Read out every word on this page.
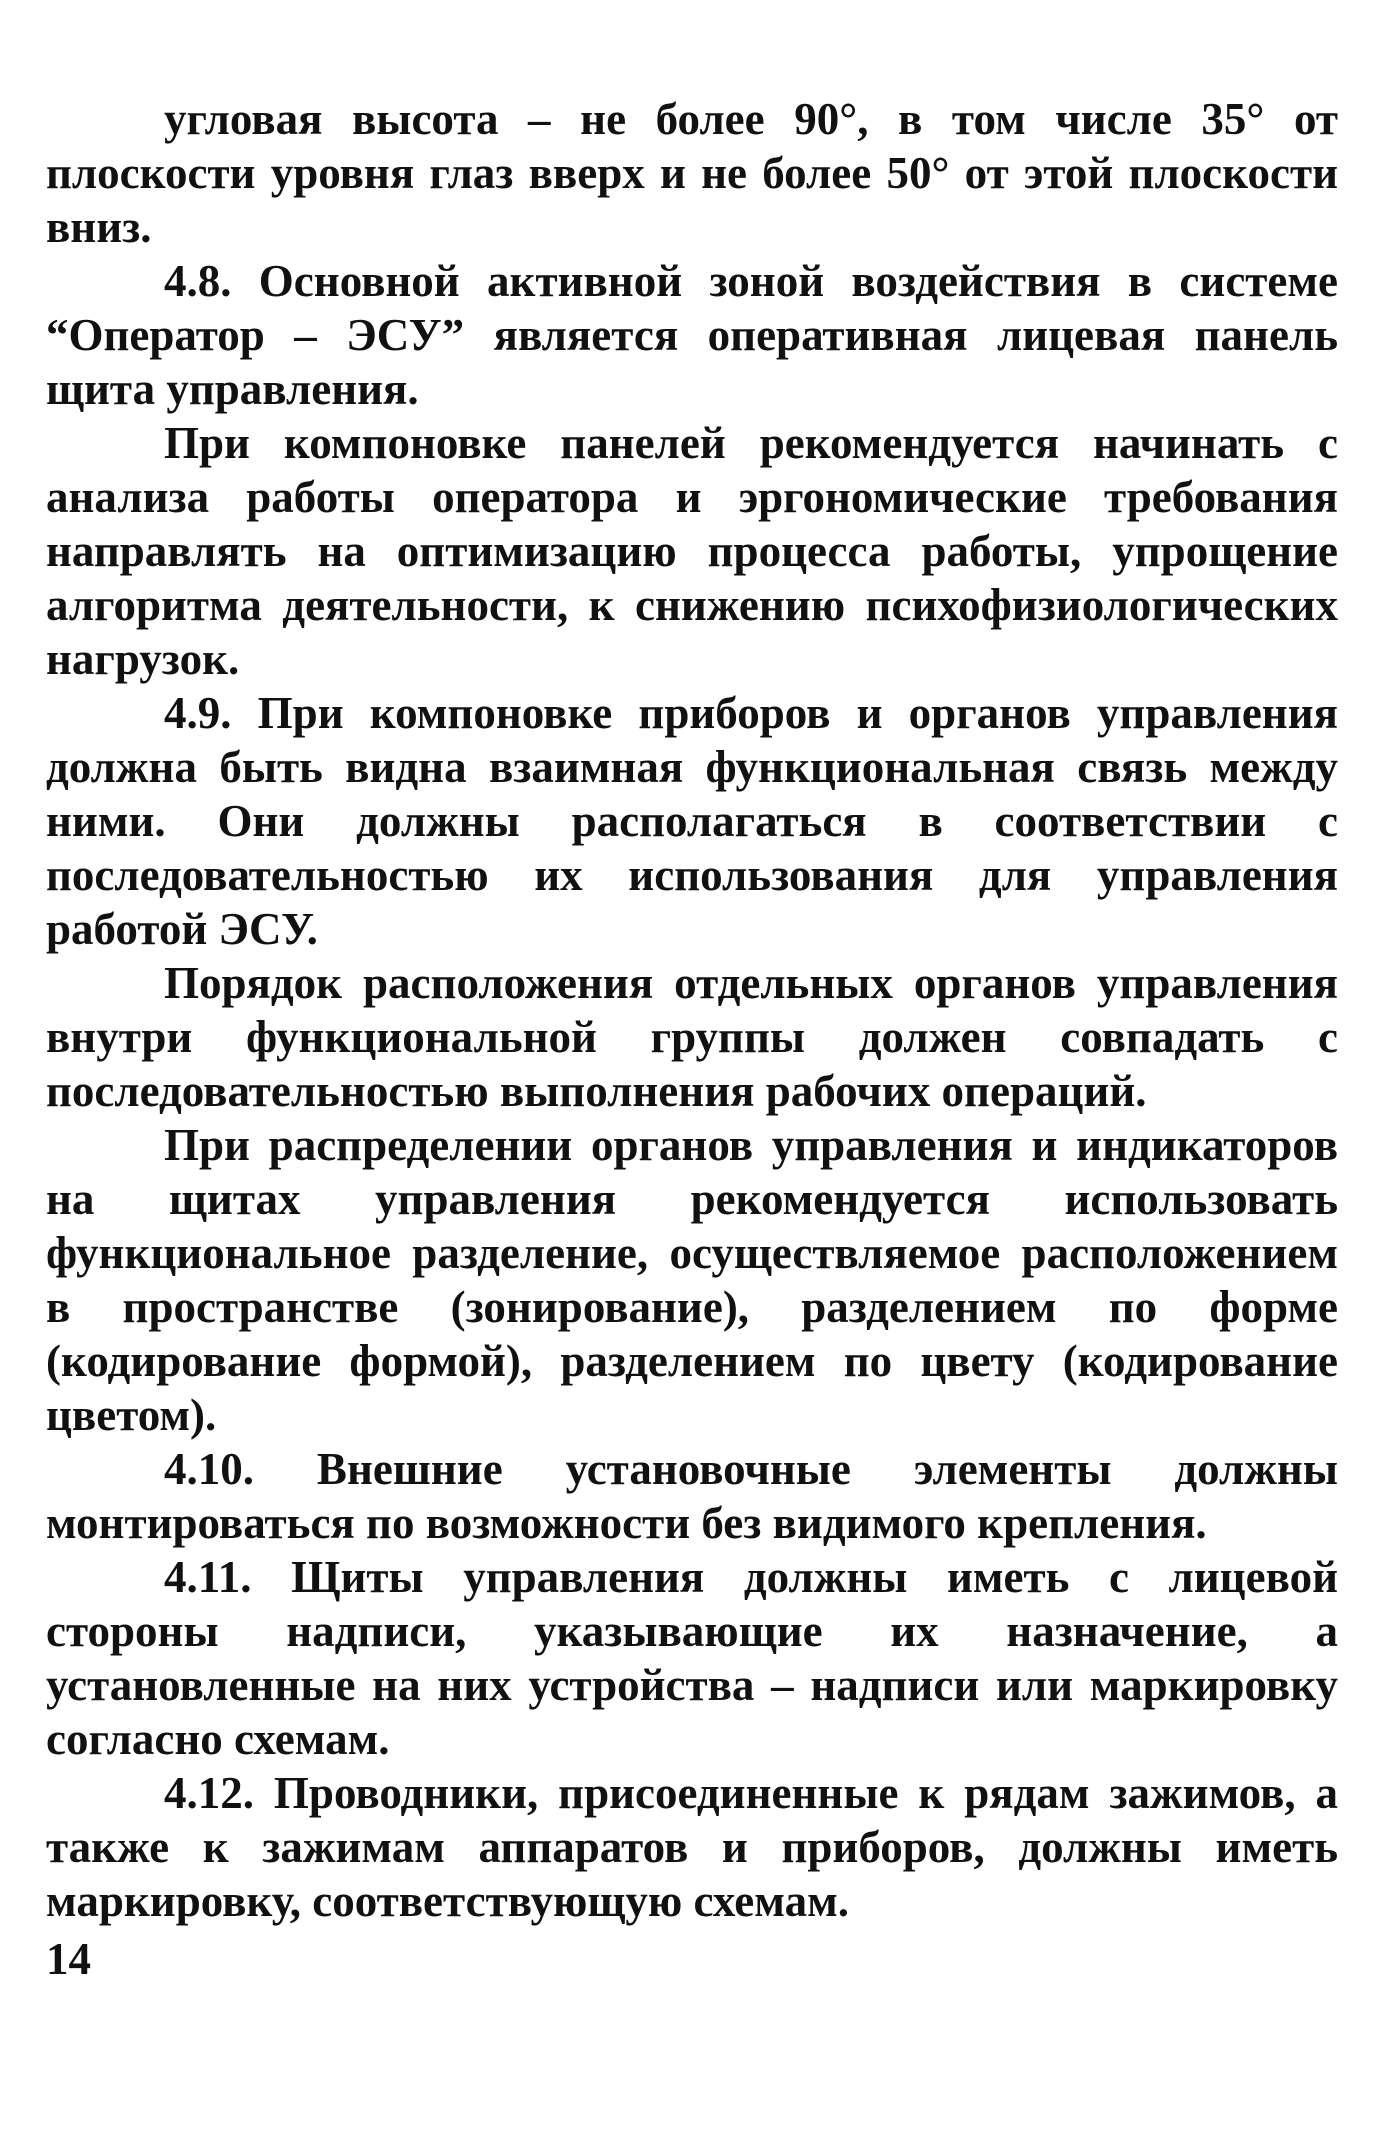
угловая высота – не более 90°, в том числе 35° от плоскости уровня глаз вверх и не более 50° от этой плоскости вниз.

4.8. Основной активной зоной воздействия в системе “Оператор – ЭСУ” является оперативная лицевая панель щита управления.

При компоновке панелей рекомендуется начинать с анализа работы оператора и эргономические требования направлять на оптимизацию процесса работы, упрощение алгоритма деятельности, к снижению психофизиологических нагрузок.

4.9. При компоновке приборов и органов управления должна быть видна взаимная функциональная связь между ними. Они должны располагаться в соответствии с последовательностью их использования для управления работой ЭСУ.

Порядок расположения отдельных органов управления внутри функциональной группы должен совпадать с последовательностью выполнения рабочих операций.

При распределении органов управления и индикаторов на щитах управления рекомендуется использовать функциональное разделение, осуществляемое расположением в пространстве (зонирование), разделением по форме (кодирование формой), разделением по цвету (кодирование цветом).

4.10. Внешние установочные элементы должны монтироваться по возможности без видимого крепления.

4.11. Щиты управления должны иметь с лицевой стороны надписи, указывающие их назначение, а установленные на них устройства – надписи или маркировку согласно схемам.

4.12. Проводники, присоединенные к рядам зажимов, а также к зажимам аппаратов и приборов, должны иметь маркировку, соответствующую схемам.

14
